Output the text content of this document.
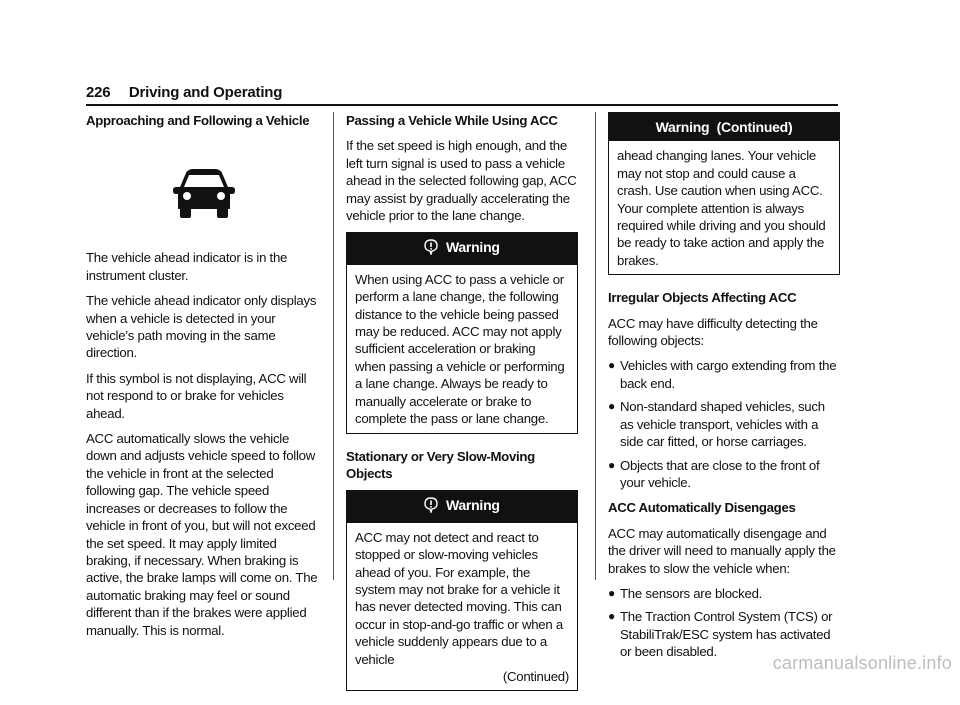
226 Driving and Operating
Approaching and Following a Vehicle

The vehicle ahead indicator is in the instrument cluster.

The vehicle ahead indicator only displays when a vehicle is detected in your vehicle’s path moving in the same direction.

If this symbol is not displaying, ACC will not respond to or brake for vehicles ahead.

ACC automatically slows the vehicle down and adjusts vehicle speed to follow the vehicle in front at the selected following gap. The vehicle speed increases or decreases to follow the vehicle in front of you, but will not exceed the set speed. It may apply limited braking, if necessary. When braking is active, the brake lamps will come on. The automatic braking may feel or sound different than if the brakes were applied manually. This is normal.

Passing a Vehicle While Using ACC

If the set speed is high enough, and the left turn signal is used to pass a vehicle ahead in the selected following gap, ACC may assist by gradually accelerating the vehicle prior to the lane change.

Warning

When using ACC to pass a vehicle or perform a lane change, the following distance to the vehicle being passed may be reduced. ACC may not apply sufficient acceleration or braking when passing a vehicle or performing a lane change. Always be ready to manually accelerate or brake to complete the pass or lane change.

Stationary or Very Slow-Moving Objects
Warning

ACC may not detect and react to stopped or slow-moving vehicles ahead of you. For example, the system may not brake for a vehicle it has never detected moving. This can occur in stop-and-go traffic or when a vehicle suddenly appears due to a vehicle

(Continued)

Warning  (Continued)

ahead changing lanes. Your vehicle may not stop and could cause a crash. Use caution when using ACC. Your complete attention is always required while driving and you should be ready to take action and apply the brakes.

Irregular Objects Affecting ACC

ACC may have difficulty detecting the following objects:

● Vehicles with cargo extending from the back end.
● Non-standard shaped vehicles, such as vehicle transport, vehicles with a side car fitted, or horse carriages.
● Objects that are close to the front of your vehicle.
ACC Automatically Disengages

ACC may automatically disengage and the driver will need to manually apply the brakes to slow the vehicle when:

● The sensors are blocked.
● The Traction Control System (TCS) or StabiliTrak/ESC system has activated or been disabled.
carmanualsonline.info
